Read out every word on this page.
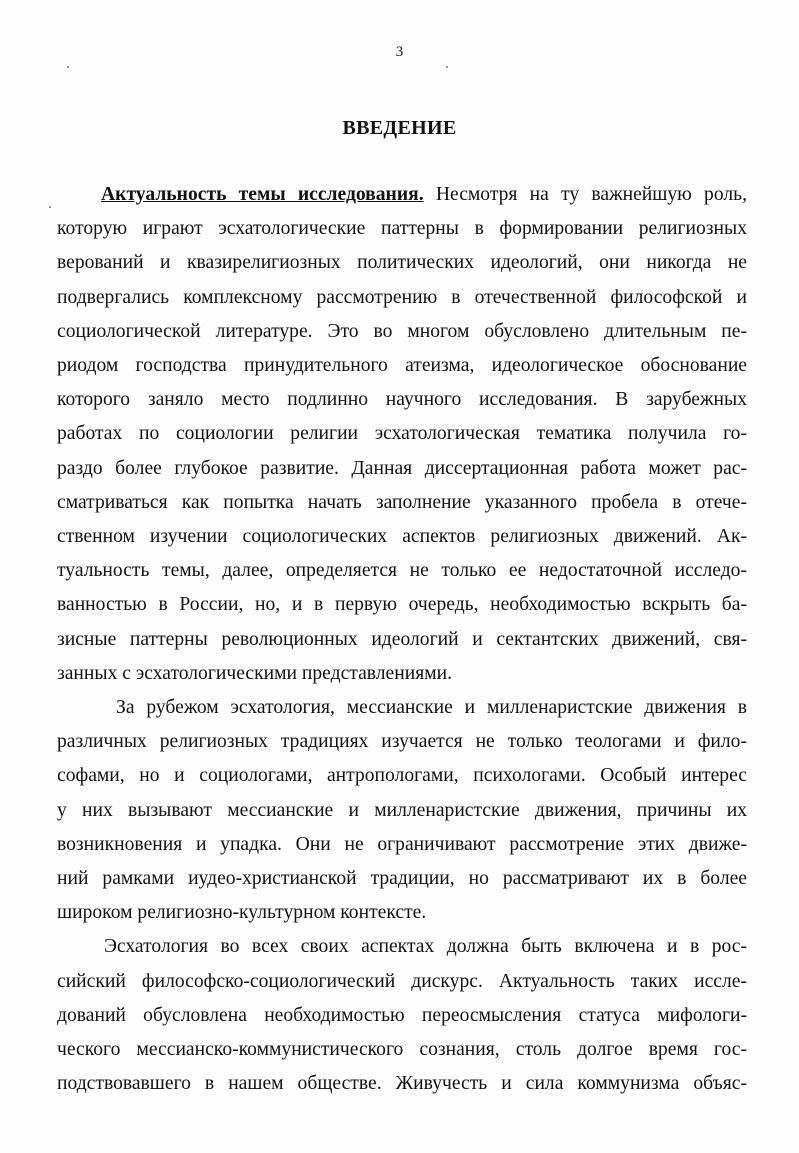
3
ВВЕДЕНИЕ
Актуальность темы исследования. Несмотря на ту важнейшую роль,
которую играют эсхатологические паттерны в формировании религиозных
верований и квазирелигиозных политических идеологий, они никогда не
подвергались комплексному рассмотрению в отечественной философской и
социологической литературе. Это во многом обусловлено длительным пе-
риодом господства принудительного атеизма, идеологическое обоснование
которого заняло место подлинно научного исследования. В зарубежных
работах по социологии религии эсхатологическая тематика получила го-
раздо более глубокое развитие. Данная диссертационная работа может рас-
сматриваться как попытка начать заполнение указанного пробела в отече-
ственном изучении социологических аспектов религиозных движений. Ак-
туальность темы, далее, определяется не только ее недостаточной исследо-
ванностью в России, но, и в первую очередь, необходимостью вскрыть ба-
зисные паттерны революционных идеологий и сектантских движений, свя-
занных с эсхатологическими представлениями.
За рубежом эсхатология, мессианские и милленаристские движения в
различных религиозных традициях изучается не только теологами и фило-
софами, но и социологами, антропологами, психологами. Особый интерес
у них вызывают мессианские и милленаристские движения, причины их
возникновения и упадка. Они не ограничивают рассмотрение этих движе-
ний рамками иудео-христианской традиции, но рассматривают их в более
широком религиозно-культурном контексте.
Эсхатология во всех своих аспектах должна быть включена и в рос-
сийский философско-социологический дискурс. Актуальность таких иссле-
дований обусловлена необходимостью переосмысления статуса мифологи-
ческого мессианско-коммунистического сознания, столь долгое время гос-
подствовавшего в нашем обществе. Живучесть и сила коммунизма объяс-
